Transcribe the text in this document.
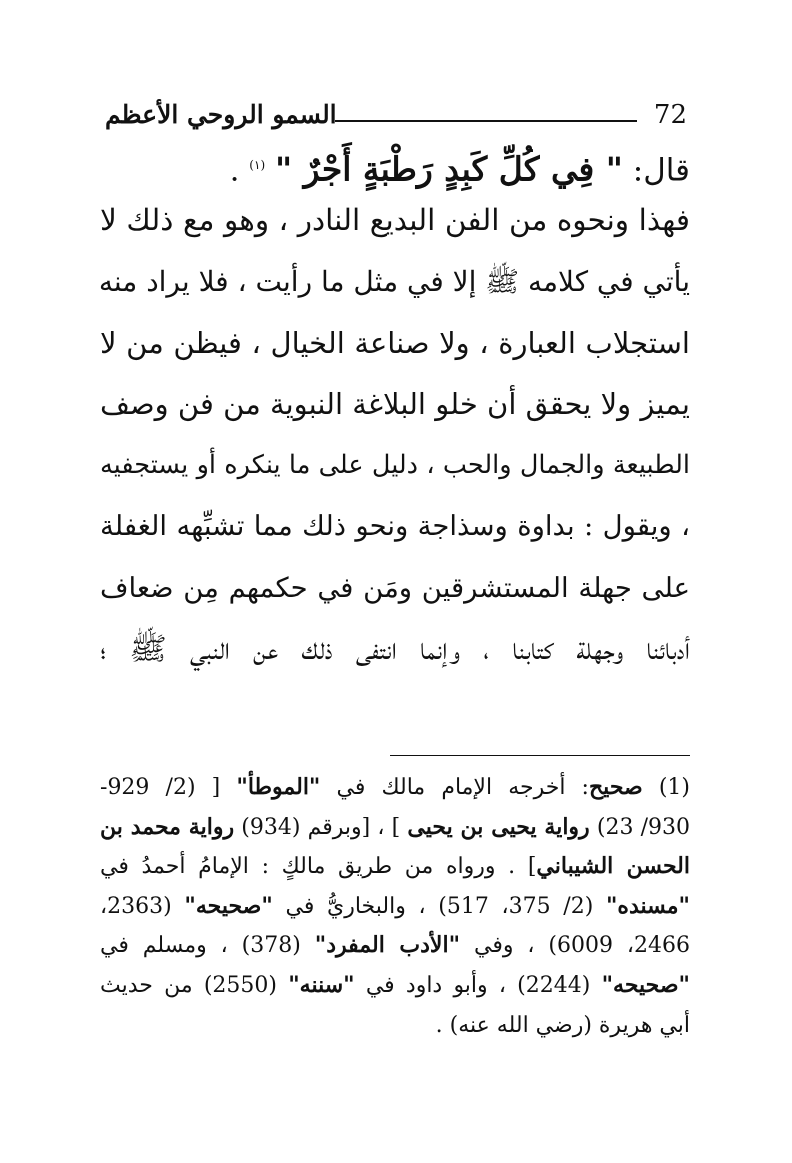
72
السمو الروحي الأعظم
قال: " فِي كُلِّ كَبِدٍ رَطْبَةٍ أَجْرٌ " $^{(١)}$ .
فهذا ونحوه من الفن البديع النادر ، وهو مع ذلك لا
يأتي في كلامه ﷺ إلا في مثل ما رأيت ، فلا يراد منه
استجلاب العبارة ، ولا صناعة الخيال ، فيظن من لا
يميز ولا يحقق أن خلو البلاغة النبوية من فن وصف
الطبيعة والجمال والحب ، دليل على ما ينكره أو يستجفيه
، ويقول : بداوة وسذاجة ونحو ذلك مما تشبِّهه الغفلة
على جهلة المستشرقين ومَن في حكمهم مِن ضعاف
أدبائنا وجهلة كتابنا ، وإنما انتفى ذلك عن النبي ﷺ ؛
(1) صحيح: أخرجه الإمام مالك في "الموطأ" [ (2/ 929-
930/ 23) رواية يحيى بن يحيى ] ، [وبرقم (934) رواية محمد بن
الحسن الشيباني] . ورواه من طريق مالكٍ : الإمامُ أحمدُ في
"مسنده" (2/ 375، 517) ، والبخاريُّ في "صحيحه" (2363،
2466، 6009) ، وفي "الأدب المفرد" (378) ، ومسلم في
"صحيحه" (2244) ، وأبو داود في "سننه" (2550) من حديث
أبي هريرة (رضي الله عنه) .
